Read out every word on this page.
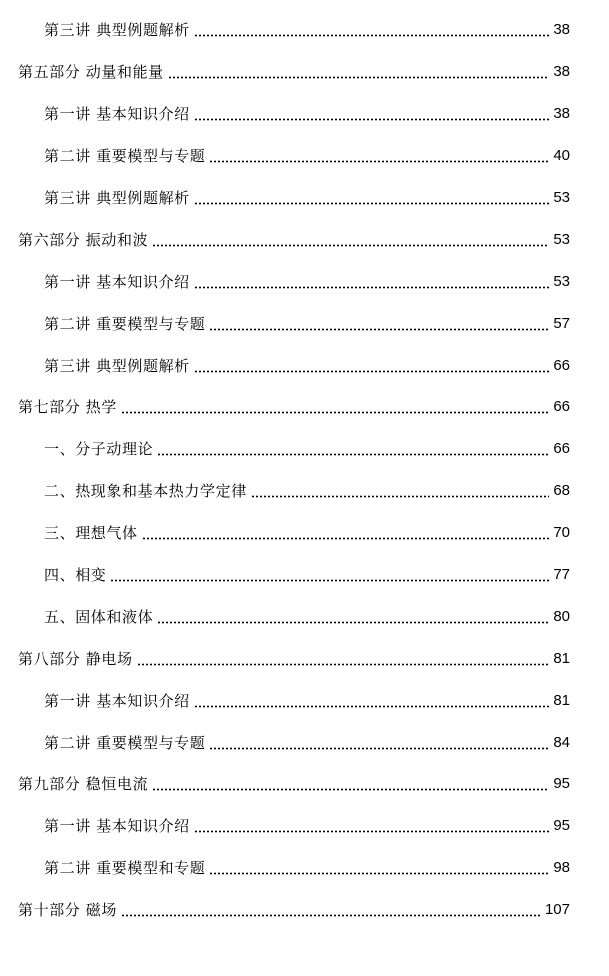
第三讲 典型例题解析	38
第五部分 动量和能量	38
第一讲 基本知识介绍	38
第二讲 重要模型与专题	40
第三讲 典型例题解析	53
第六部分 振动和波	53
第一讲 基本知识介绍	53
第二讲 重要模型与专题	57
第三讲 典型例题解析	66
第七部分 热学	66
一、分子动理论	66
二、热现象和基本热力学定律	68
三、理想气体	70
四、相变	77
五、固体和液体	80
第八部分 静电场	81
第一讲 基本知识介绍	81
第二讲 重要模型与专题	84
第九部分 稳恒电流	95
第一讲 基本知识介绍	95
第二讲 重要模型和专题	98
第十部分 磁场	107
